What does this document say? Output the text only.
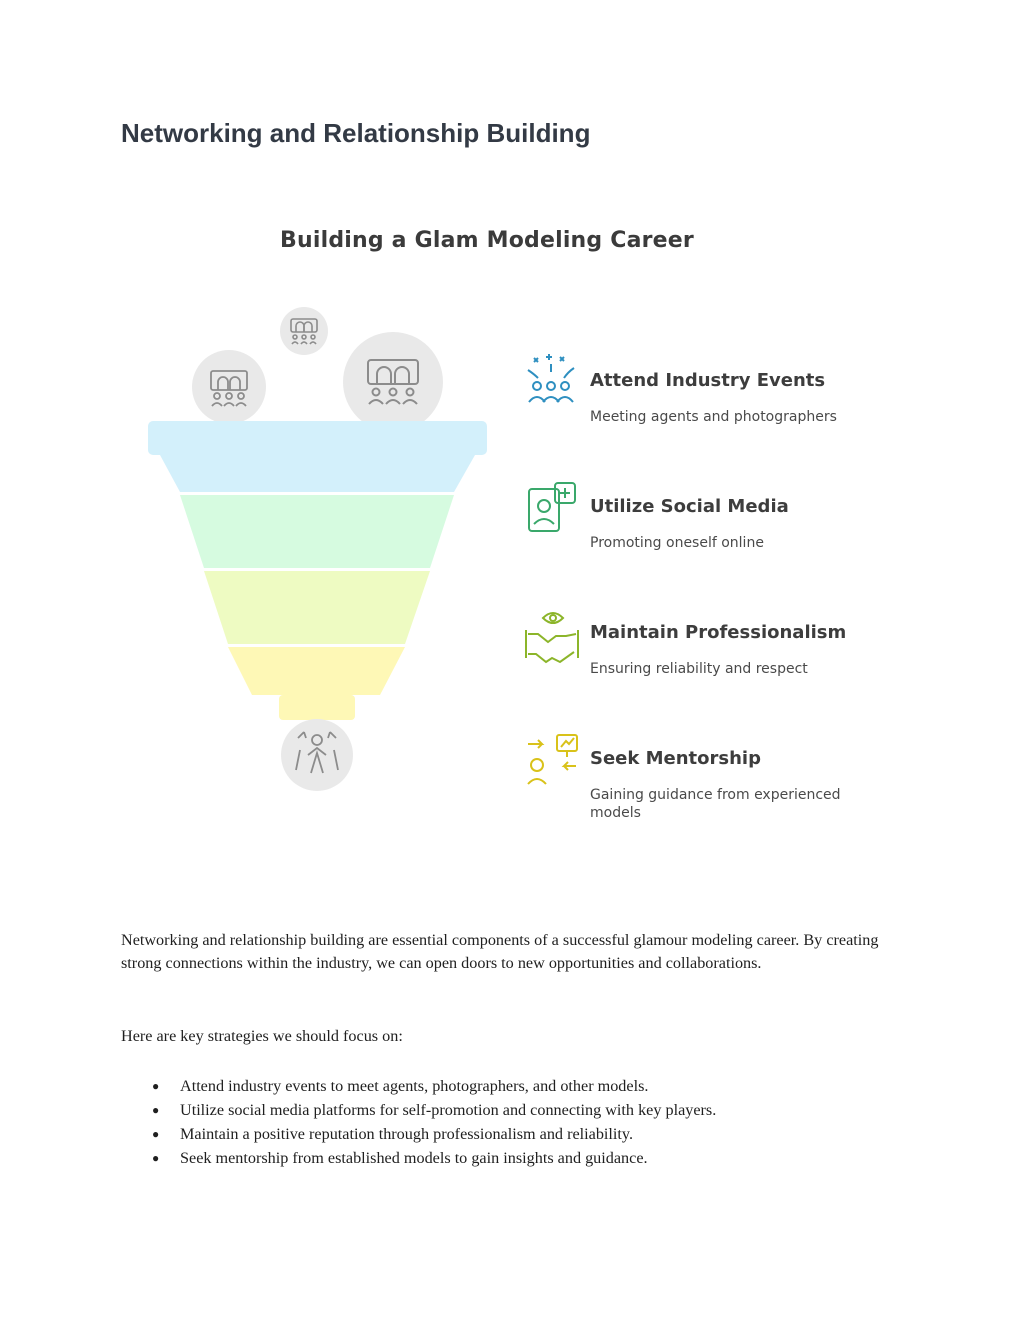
Networking and Relationship Building
Building a Glam Modeling Career

Attend Industry Events

Meeting agents and photographers

Utilize Social Media

Promoting oneself online

Maintain Professionalism

Ensuring reliability and respect

Seek Mentorship

Gaining guidance from experienced models

Networking and relationship building are essential components of a successful glamour modeling career. By creating strong connections within the industry, we can open doors to new opportunities and collaborations.

Here are key strategies we should focus on:

● Attend industry events to meet agents, photographers, and other models.
● Utilize social media platforms for self-promotion and connecting with key players.
● Maintain a positive reputation through professionalism and reliability.
● Seek mentorship from established models to gain insights and guidance.
